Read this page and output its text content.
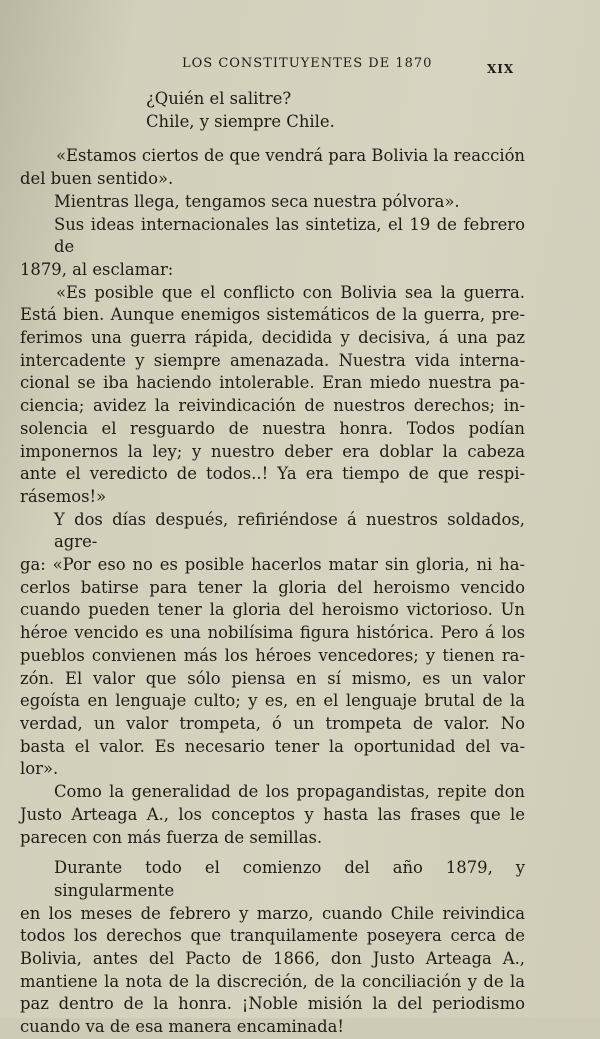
LOS CONSTITUYENTES DE 1870	XIX
¿Quién el salitre?
Chile, y siempre Chile.
«Estamos ciertos de que vendrá para Bolivia la reacción
del buen sentido».
Mientras llega, tengamos seca nuestra pólvora».
Sus ideas internacionales las sintetiza, el 19 de febrero de
1879, al esclamar:
«Es posible que el conflicto con Bolivia sea la guerra.
Está bien. Aunque enemigos sistemáticos de la guerra, pre-
ferimos una guerra rápida, decidida y decisiva, á una paz
intercadente y siempre amenazada. Nuestra vida interna-
cional se iba haciendo intolerable. Eran miedo nuestra pa-
ciencia; avidez la reivindicación de nuestros derechos; in-
solencia el resguardo de nuestra honra. Todos podían
imponernos la ley; y nuestro deber era doblar la cabeza
ante el veredicto de todos..! Ya era tiempo de que respi-
rásemos!»
Y dos días después, refiriéndose á nuestros soldados, agre-
ga: «Por eso no es posible hacerlos matar sin gloria, ni ha-
cerlos batirse para tener la gloria del heroismo vencido
cuando pueden tener la gloria del heroismo victorioso. Un
héroe vencido es una nobilísima figura histórica. Pero á los
pueblos convienen más los héroes vencedores; y tienen ra-
zón. El valor que sólo piensa en sí mismo, es un valor
egoísta en lenguaje culto; y es, en el lenguaje brutal de la
verdad, un valor trompeta, ó un trompeta de valor. No
basta el valor. Es necesario tener la oportunidad del va-
lor».
Como la generalidad de los propagandistas, repite don
Justo Arteaga A., los conceptos y hasta las frases que le
parecen con más fuerza de semillas.
Durante todo el comienzo del año 1879, y singularmente
en los meses de febrero y marzo, cuando Chile reivindica
todos los derechos que tranquilamente poseyera cerca de
Bolivia, antes del Pacto de 1866, don Justo Arteaga A.,
mantiene la nota de la discreción, de la conciliación y de la
paz dentro de la honra. ¡Noble misión la del periodismo
cuando va de esa manera encaminada!
